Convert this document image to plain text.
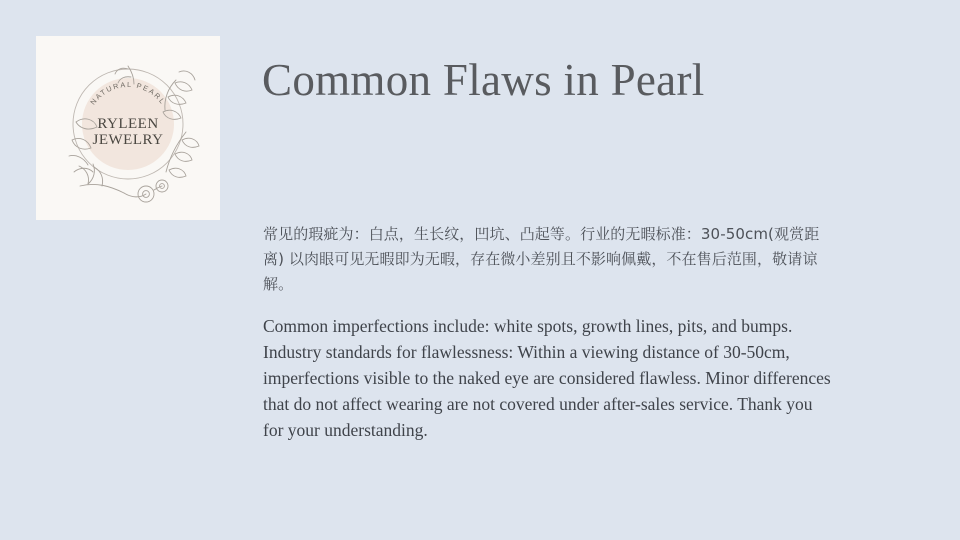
NATURAL PEARL
RYLEEN
JEWELRY
Common Flaws in Pearl

常见的瑕疵为：白点，生长纹，凹坑、凸起等。行业的无暇标准：30-50cm(观赏距离) 以肉眼可见无暇即为无暇，存在微小差别且不影响佩戴，不在售后范围，敬请谅解。

Common imperfections include: white spots, growth lines, pits, and bumps. Industry standards for flawlessness: Within a viewing distance of 30-50cm, imperfections visible to the naked eye are considered flawless. Minor differences that do not affect wearing are not covered under after-sales service. Thank you for your understanding.
